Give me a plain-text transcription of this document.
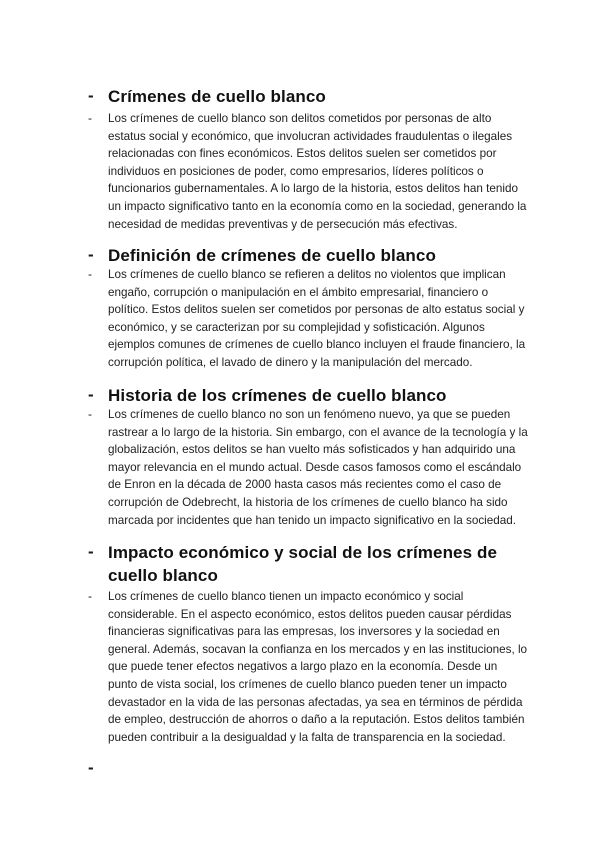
- Crímenes de cuello blanco
-	Los crímenes de cuello blanco son delitos cometidos por personas de alto estatus social y económico, que involucran actividades fraudulentas o ilegales relacionadas con fines económicos. Estos delitos suelen ser cometidos por individuos en posiciones de poder, como empresarios, líderes políticos o funcionarios gubernamentales. A lo largo de la historia, estos delitos han tenido un impacto significativo tanto en la economía como en la sociedad, generando la necesidad de medidas preventivas y de persecución más efectivas.
- Definición de crímenes de cuello blanco
-	Los crímenes de cuello blanco se refieren a delitos no violentos que implican engaño, corrupción o manipulación en el ámbito empresarial, financiero o político. Estos delitos suelen ser cometidos por personas de alto estatus social y económico, y se caracterizan por su complejidad y sofisticación. Algunos ejemplos comunes de crímenes de cuello blanco incluyen el fraude financiero, la corrupción política, el lavado de dinero y la manipulación del mercado.
- Historia de los crímenes de cuello blanco
-	Los crímenes de cuello blanco no son un fenómeno nuevo, ya que se pueden rastrear a lo largo de la historia. Sin embargo, con el avance de la tecnología y la globalización, estos delitos se han vuelto más sofisticados y han adquirido una mayor relevancia en el mundo actual. Desde casos famosos como el escándalo de Enron en la década de 2000 hasta casos más recientes como el caso de corrupción de Odebrecht, la historia de los crímenes de cuello blanco ha sido marcada por incidentes que han tenido un impacto significativo en la sociedad.
- Impacto económico y social de los crímenes de cuello blanco
-	Los crímenes de cuello blanco tienen un impacto económico y social considerable. En el aspecto económico, estos delitos pueden causar pérdidas financieras significativas para las empresas, los inversores y la sociedad en general. Además, socavan la confianza en los mercados y en las instituciones, lo que puede tener efectos negativos a largo plazo en la economía. Desde un punto de vista social, los crímenes de cuello blanco pueden tener un impacto devastador en la vida de las personas afectadas, ya sea en términos de pérdida de empleo, destrucción de ahorros o daño a la reputación. Estos delitos también pueden contribuir a la desigualdad y la falta de transparencia en la sociedad.
-
